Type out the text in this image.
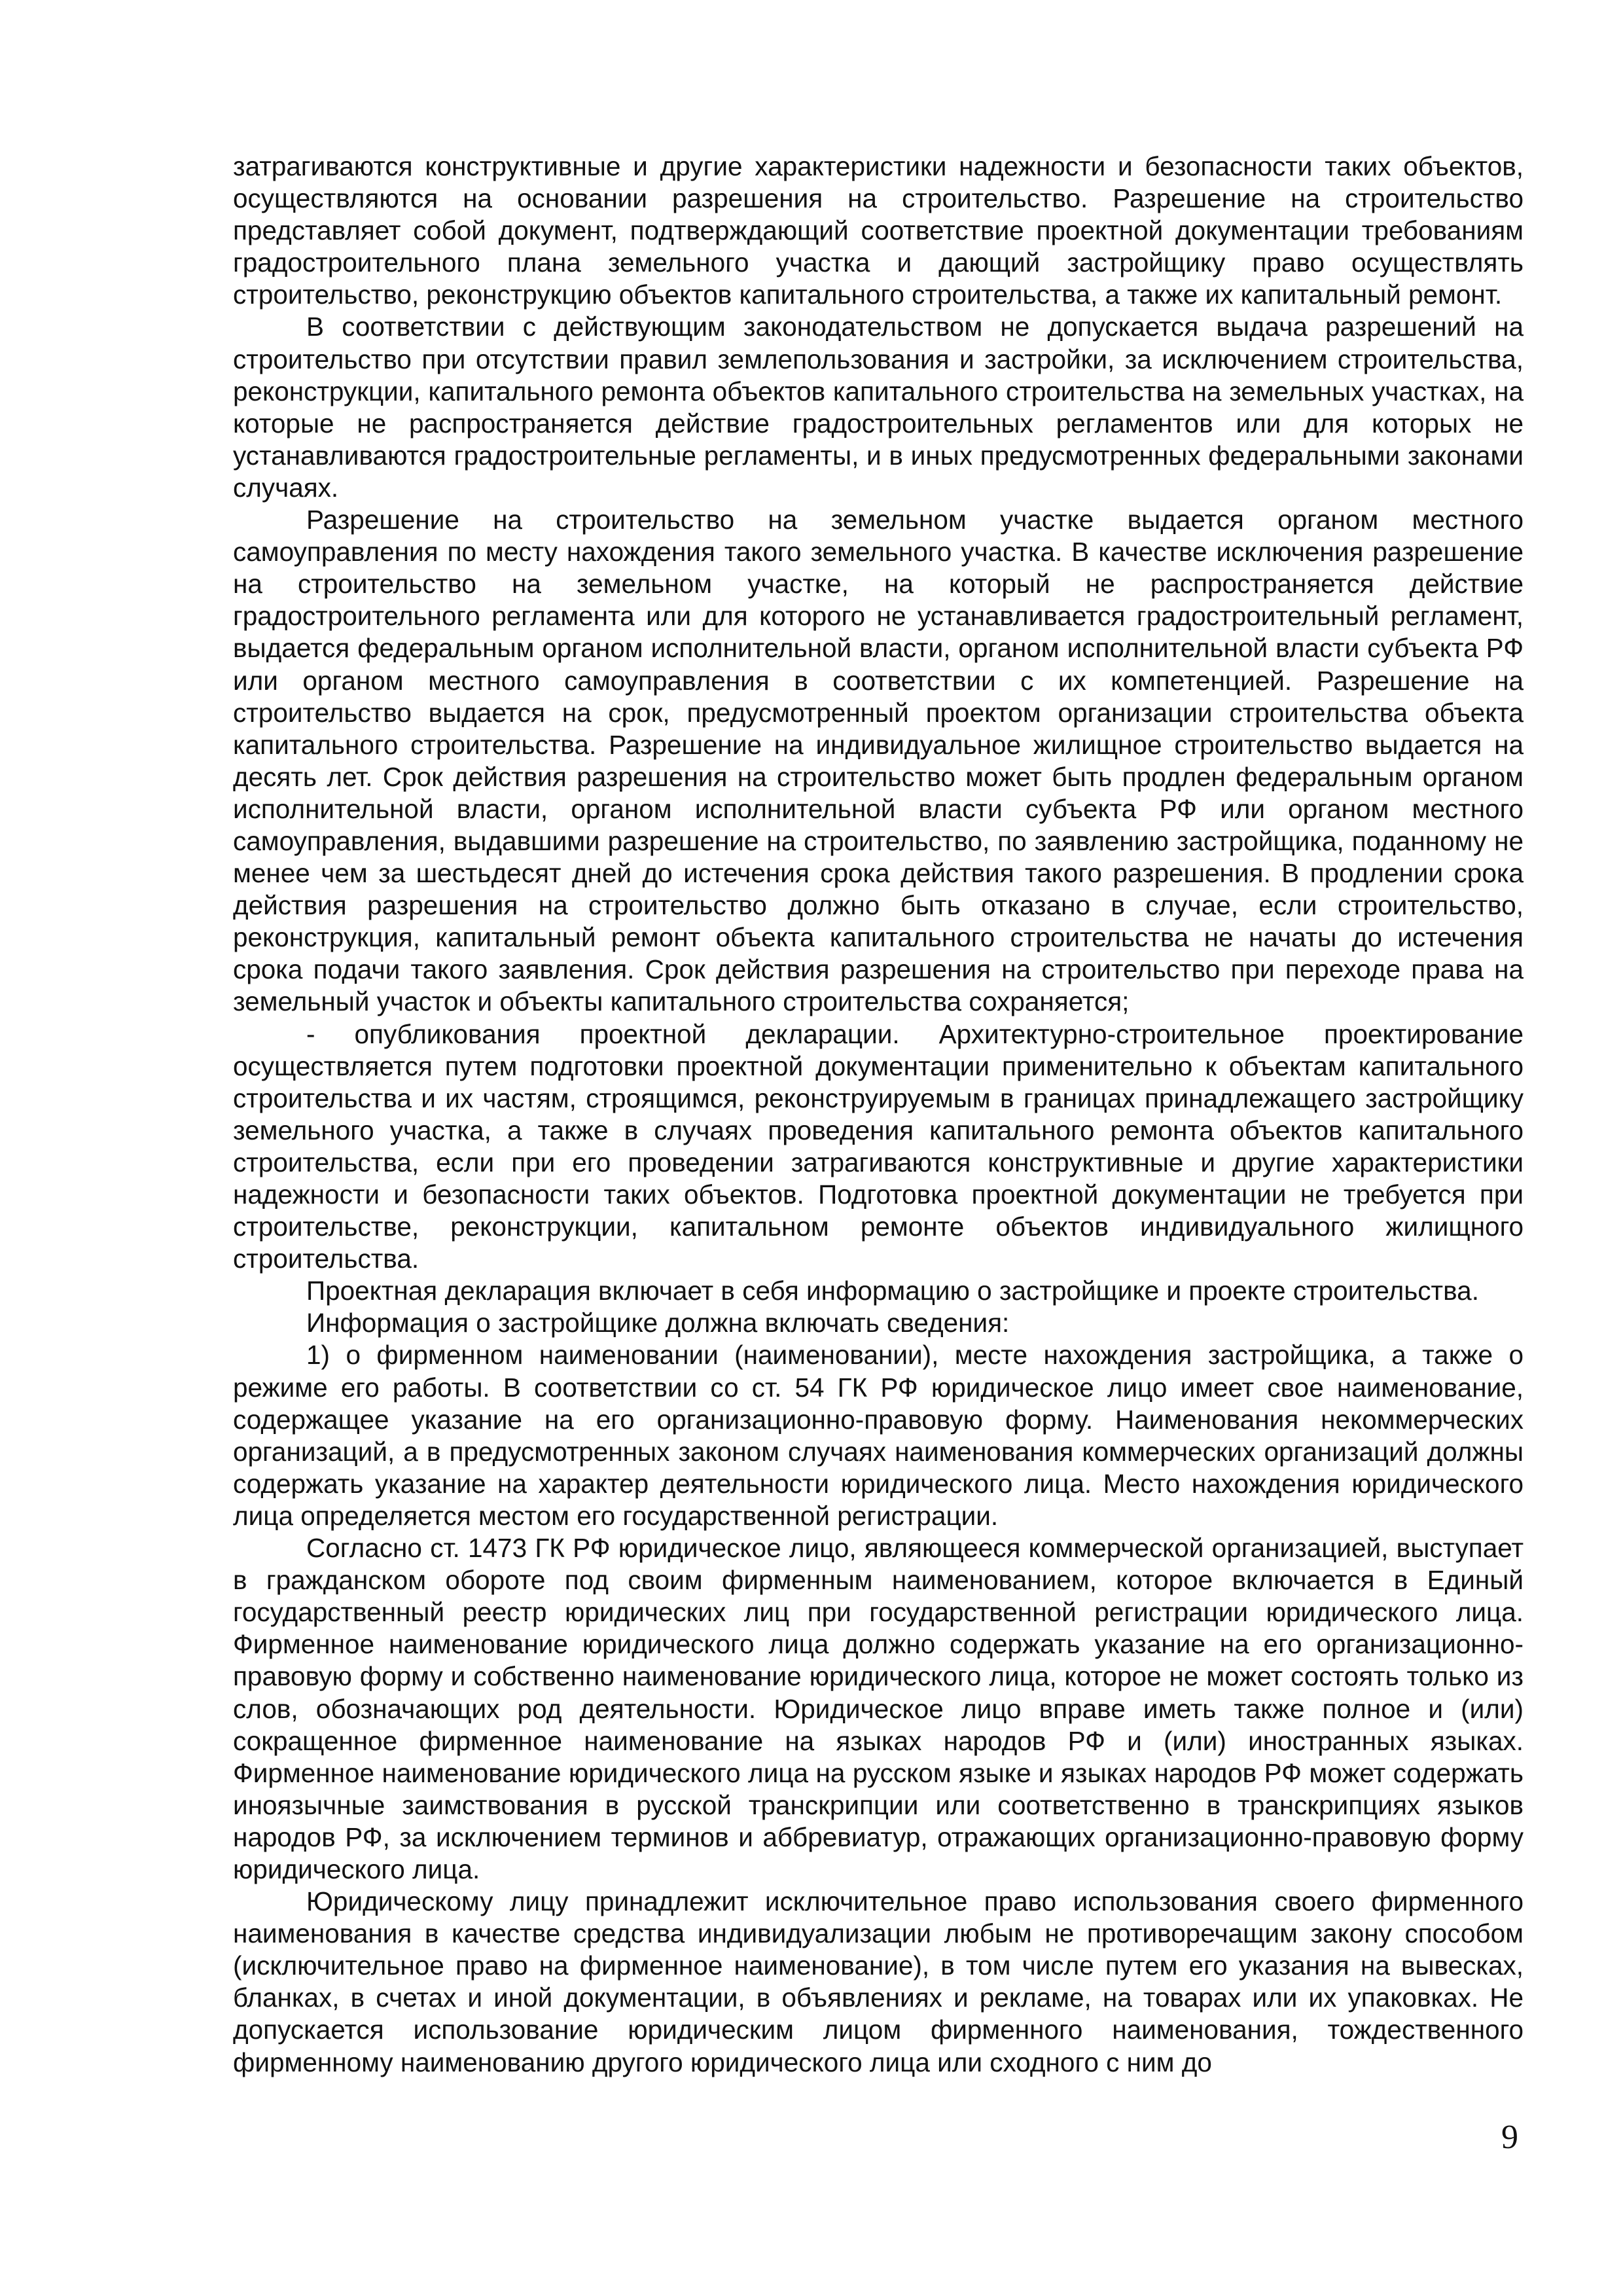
затрагиваются конструктивные и другие характеристики надежности и безопасности таких объектов, осуществляются на основании разрешения на строительство. Разрешение на строительство представляет собой документ, подтверждающий соответствие проектной документации требованиям градостроительного плана земельного участка и дающий застройщику право осуществлять строительство, реконструкцию объектов капитального строительства, а также их капитальный ремонт.

В соответствии с действующим законодательством не допускается выдача разрешений на строительство при отсутствии правил землепользования и застройки, за исключением строительства, реконструкции, капитального ремонта объектов капитального строительства на земельных участках, на которые не распространяется действие градостроительных регламентов или для которых не устанавливаются градостроительные регламенты, и в иных предусмотренных федеральными законами случаях.

Разрешение на строительство на земельном участке выдается органом местного самоуправления по месту нахождения такого земельного участка. В качестве исключения разрешение на строительство на земельном участке, на который не распространяется действие градостроительного регламента или для которого не устанавливается градостроительный регламент, выдается федеральным органом исполнительной власти, органом исполнительной власти субъекта РФ или органом местного самоуправления в соответствии с их компетенцией. Разрешение на строительство выдается на срок, предусмотренный проектом организации строительства объекта капитального строительства. Разрешение на индивидуальное жилищное строительство выдается на десять лет. Срок действия разрешения на строительство может быть продлен федеральным органом исполнительной власти, органом исполнительной власти субъекта РФ или органом местного самоуправления, выдавшими разрешение на строительство, по заявлению застройщика, поданному не менее чем за шестьдесят дней до истечения срока действия такого разрешения. В продлении срока действия разрешения на строительство должно быть отказано в случае, если строительство, реконструкция, капитальный ремонт объекта капитального строительства не начаты до истечения срока подачи такого заявления. Срок действия разрешения на строительство при переходе права на земельный участок и объекты капитального строительства сохраняется;

- опубликования проектной декларации. Архитектурно-строительное проектирование осуществляется путем подготовки проектной документации применительно к объектам капитального строительства и их частям, строящимся, реконструируемым в границах принадлежащего застройщику земельного участка, а также в случаях проведения капитального ремонта объектов капитального строительства, если при его проведении затрагиваются конструктивные и другие характеристики надежности и безопасности таких объектов. Подготовка проектной документации не требуется при строительстве, реконструкции, капитальном ремонте объектов индивидуального жилищного строительства.

Проектная декларация включает в себя информацию о застройщике и проекте строительства.

Информация о застройщике должна включать сведения:

1) о фирменном наименовании (наименовании), месте нахождения застройщика, а также о режиме его работы. В соответствии со ст. 54 ГК РФ юридическое лицо имеет свое наименование, содержащее указание на его организационно-правовую форму. Наименования некоммерческих организаций, а в предусмотренных законом случаях наименования коммерческих организаций должны содержать указание на характер деятельности юридического лица. Место нахождения юридического лица определяется местом его государственной регистрации.

Согласно ст. 1473 ГК РФ юридическое лицо, являющееся коммерческой организацией, выступает в гражданском обороте под своим фирменным наименованием, которое включается в Единый государственный реестр юридических лиц при государственной регистрации юридического лица. Фирменное наименование юридического лица должно содержать указание на его организационно-правовую форму и собственно наименование юридического лица, которое не может состоять только из слов, обозначающих род деятельности. Юридическое лицо вправе иметь также полное и (или) сокращенное фирменное наименование на языках народов РФ и (или) иностранных языках. Фирменное наименование юридического лица на русском языке и языках народов РФ может содержать иноязычные заимствования в русской транскрипции или соответственно в транскрипциях языков народов РФ, за исключением терминов и аббревиатур, отражающих организационно-правовую форму юридического лица.

Юридическому лицу принадлежит исключительное право использования своего фирменного наименования в качестве средства индивидуализации любым не противоречащим закону способом (исключительное право на фирменное наименование), в том числе путем его указания на вывесках, бланках, в счетах и иной документации, в объявлениях и рекламе, на товарах или их упаковках. Не допускается использование юридическим лицом фирменного наименования, тождественного фирменному наименованию другого юридического лица или сходного с ним до

9
